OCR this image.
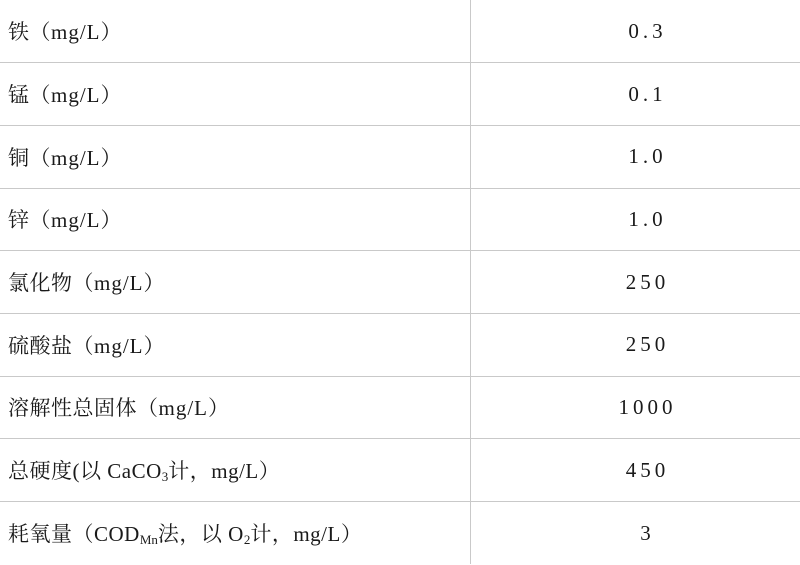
铁（mg/L）	0.3
锰（mg/L）	0.1
铜（mg/L）	1.0
锌（mg/L）	1.0
氯化物（mg/L）	250
硫酸盐（mg/L）	250
溶解性总固体（mg/L）	1000
总硬度(以 CaCO$_3$计，mg/L）	450
耗氧量（$COD_{Mn}$法，以 $O_2$计，mg/L）	3
